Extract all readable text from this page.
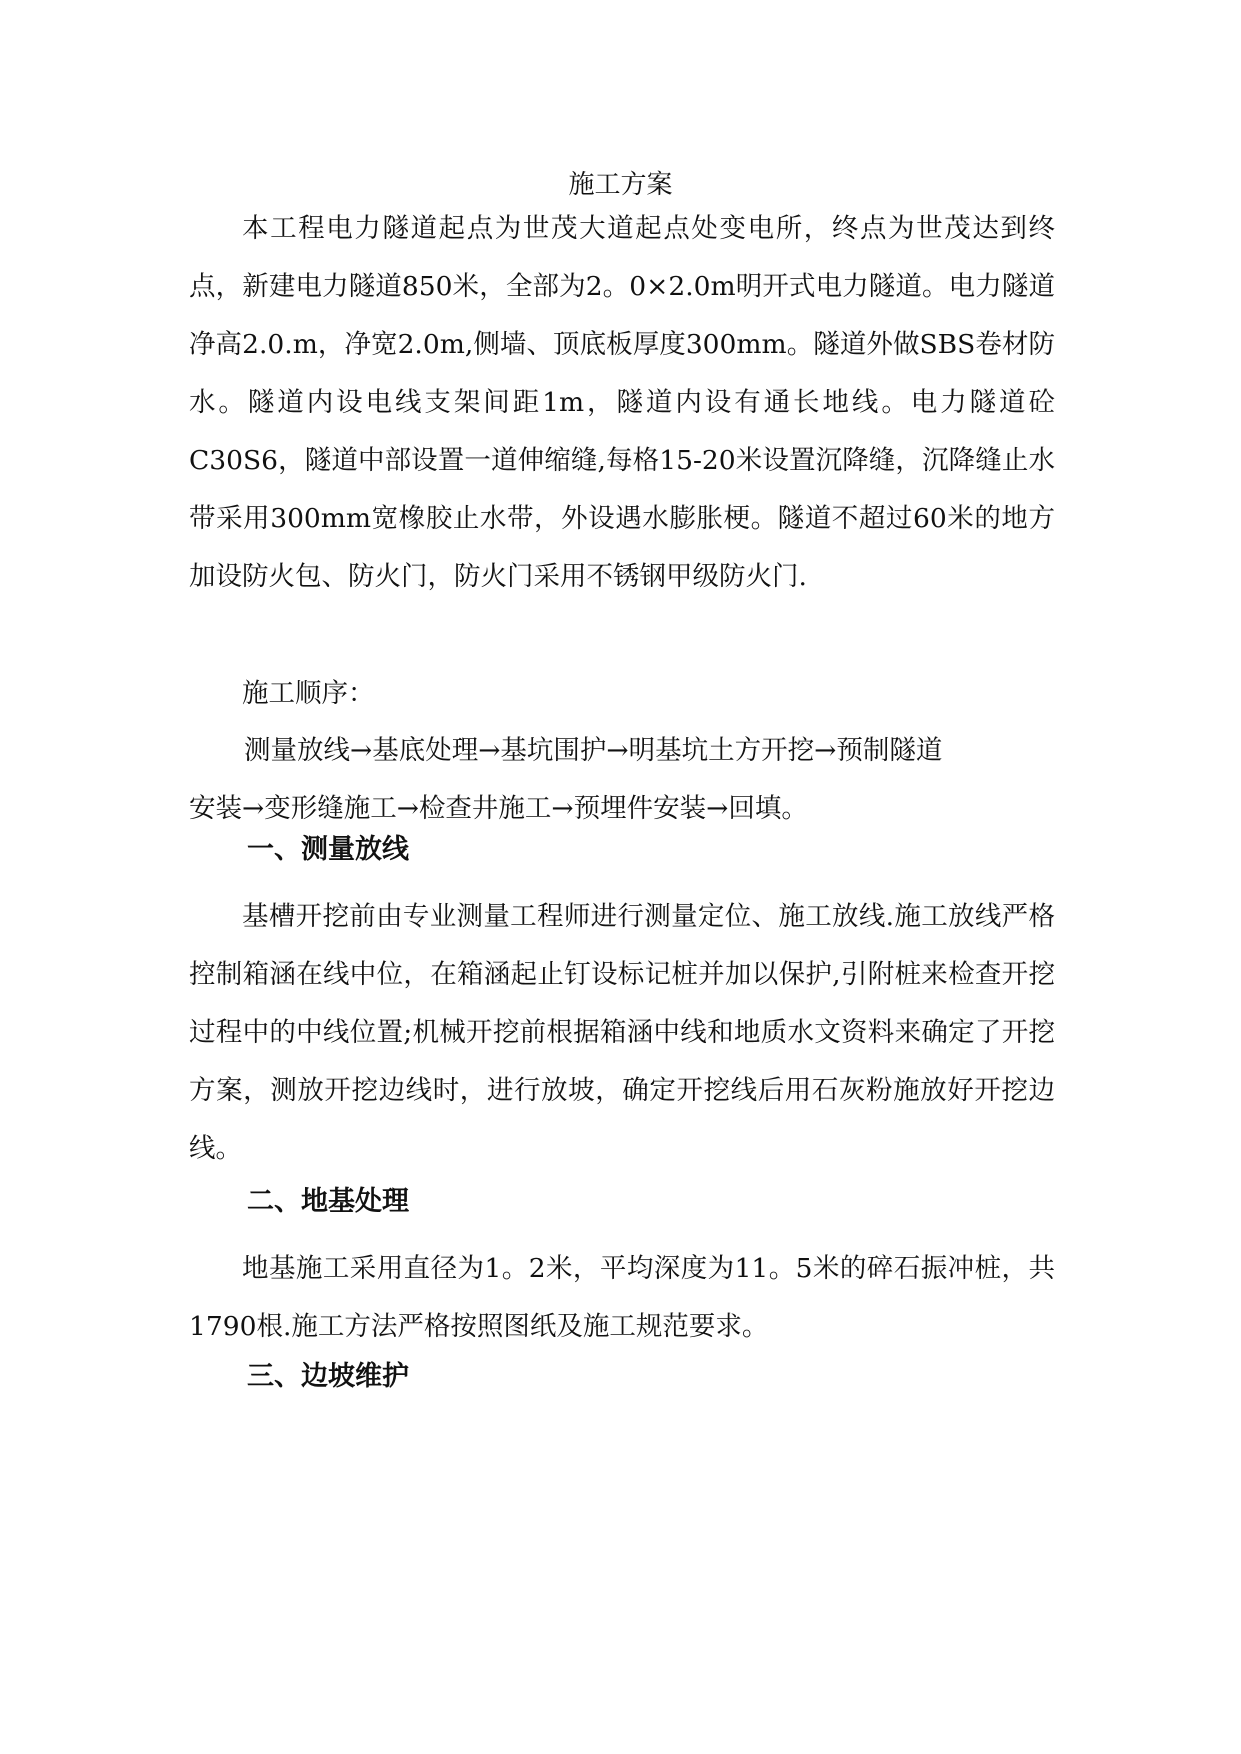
施工方案

本工程电力隧道起点为世茂大道起点处变电所，终点为世茂达到终点，新建电力隧道850米，全部为2。0×2.0m明开式电力隧道。电力隧道净高2.0.m，净宽2.0m,侧墙、顶底板厚度300mm。隧道外做SBS卷材防水。隧道内设电线支架间距1m，隧道内设有通长地线。电力隧道砼C30S6，隧道中部设置一道伸缩缝,每格15-20米设置沉降缝，沉降缝止水带采用300mm宽橡胶止水带，外设遇水膨胀梗。隧道不超过60米的地方加设防火包、防火门，防火门采用不锈钢甲级防火门.

施工顺序：

测量放线→基底处理→基坑围护→明基坑土方开挖→预制隧道

安装→变形缝施工→检查井施工→预埋件安装→回填。

一、测量放线

基槽开挖前由专业测量工程师进行测量定位、施工放线.施工放线严格控制箱涵在线中位，在箱涵起止钉设标记桩并加以保护,引附桩来检查开挖过程中的中线位置;机械开挖前根据箱涵中线和地质水文资料来确定了开挖方案，测放开挖边线时，进行放坡，确定开挖线后用石灰粉施放好开挖边线。

二、地基处理

地基施工采用直径为1。2米，平均深度为11。5米的碎石振冲桩，共1790根.施工方法严格按照图纸及施工规范要求。

三、边坡维护
